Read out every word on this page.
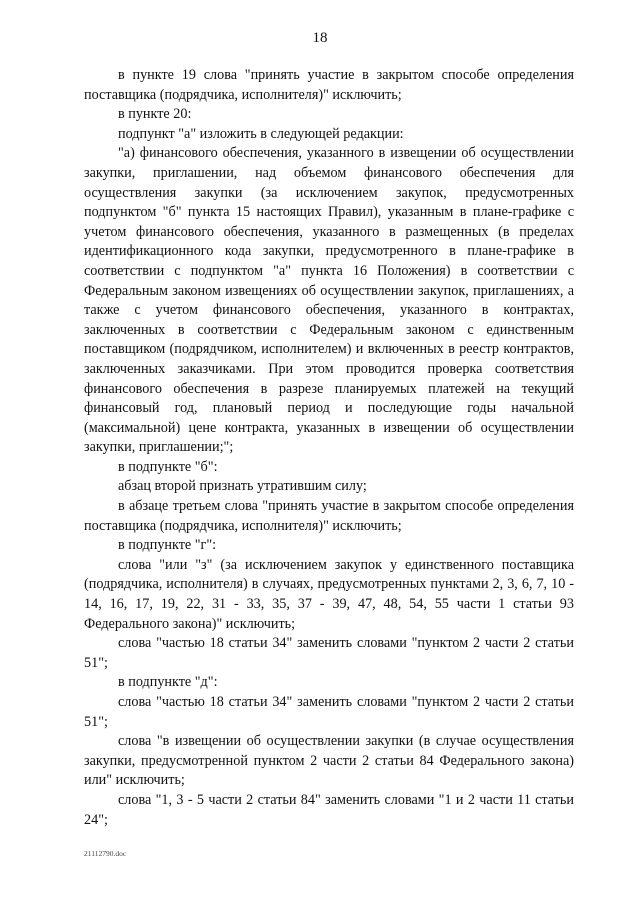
18

в пункте 19 слова "принять участие в закрытом способе определения поставщика (подрядчика, исполнителя)" исключить;

в пункте 20:

подпункт "а" изложить в следующей редакции:

"а) финансового обеспечения, указанного в извещении об осуществлении закупки, приглашении, над объемом финансового обеспечения для осуществления закупки (за исключением закупок, предусмотренных подпунктом "б" пункта 15 настоящих Правил), указанным в плане-графике с учетом финансового обеспечения, указанного в размещенных (в пределах идентификационного кода закупки, предусмотренного в плане-графике в соответствии с подпунктом "а" пункта 16 Положения) в соответствии с Федеральным законом извещениях об осуществлении закупок, приглашениях, а также с учетом финансового обеспечения, указанного в контрактах, заключенных в соответствии с Федеральным законом с единственным поставщиком (подрядчиком, исполнителем) и включенных в реестр контрактов, заключенных заказчиками. При этом проводится проверка соответствия финансового обеспечения в разрезе планируемых платежей на текущий финансовый год, плановый период и последующие годы начальной (максимальной) цене контракта, указанных в извещении об осуществлении закупки, приглашении;";

в подпункте "б":

абзац второй признать утратившим силу;

в абзаце третьем слова "принять участие в закрытом способе определения поставщика (подрядчика, исполнителя)" исключить;

в подпункте "г":

слова "или "з" (за исключением закупок у единственного поставщика (подрядчика, исполнителя) в случаях, предусмотренных пунктами 2, 3, 6, 7, 10 - 14, 16, 17, 19, 22, 31 - 33, 35, 37 - 39, 47, 48, 54, 55 части 1 статьи 93 Федерального закона)" исключить;

слова "частью 18 статьи 34" заменить словами "пунктом 2 части 2 статьи 51";

в подпункте "д":

слова "частью 18 статьи 34" заменить словами "пунктом 2 части 2 статьи 51";

слова "в извещении об осуществлении закупки (в случае осуществления закупки, предусмотренной пунктом 2 части 2 статьи 84 Федерального закона) или" исключить;

слова "1, 3 - 5 части 2 статьи 84" заменить словами "1 и 2 части 11 статьи 24";

21112790.doc
